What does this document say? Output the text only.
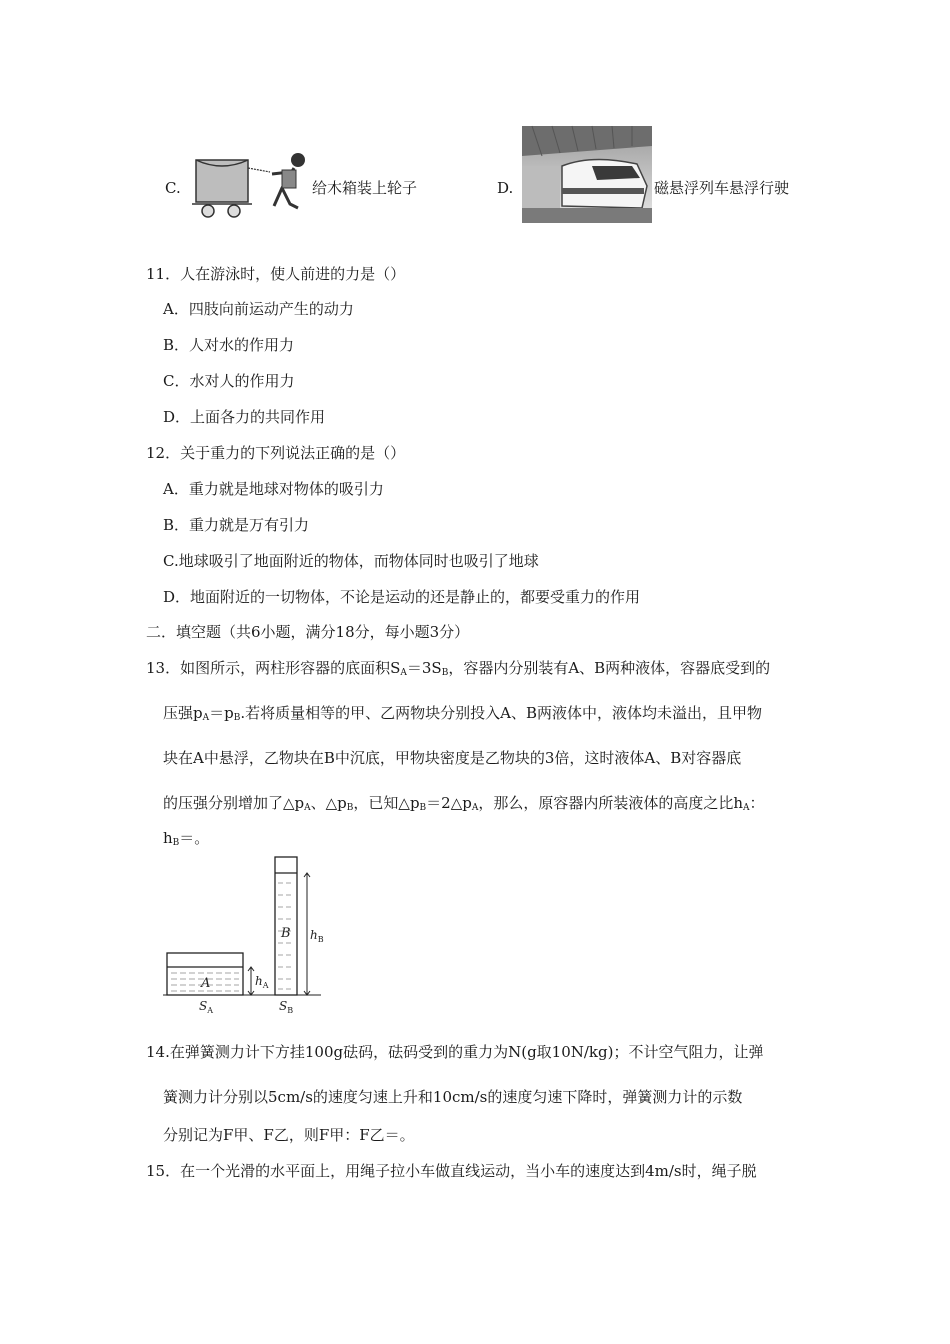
C.	给木箱装上轮子	D.	磁悬浮列车悬浮行驶
11．人在游泳时，使人前进的力是（）
A．四肢向前运动产生的动力
B．人对水的作用力
C．水对人的作用力
D．上面各力的共同作用
12．关于重力的下列说法正确的是（）
A．重力就是地球对物体的吸引力
B．重力就是万有引力
C.地球吸引了地面附近的物体，而物体同时也吸引了地球
D．地面附近的一切物体，不论是运动的还是静止的，都要受重力的作用
二．填空题（共6小题，满分18分，每小题3分）
13．如图所示，两柱形容器的底面积$S_A=3S_B$，容器内分别装有A、B两种液体，容器底受到的
压强$p_A=p_B$.若将质量相等的甲、乙两物块分别投入A、B两液体中，液体均未溢出，且甲物
块在A中悬浮，乙物块在B中沉底，甲物块密度是乙物块的3倍，这时液体A、B对容器底
的压强分别增加了$\triangle p_A$、$\triangle p_B$，已知$\triangle p_B=2\triangle p_A$，那么，原容器内所装液体的高度之比$h_A$：
$h_B=$。
A
B
$h_A$
$h_B$
$S_A$	$S_B$
14.在弹簧测力计下方挂100g砝码，砝码受到的重力为N(g取10N/kg)；不计空气阻力，让弹
簧测力计分别以5cm/s的速度匀速上升和10cm/s的速度匀速下降时，弹簧测力计的示数
分别记为F甲、F乙，则F甲：F乙＝。
15．在一个光滑的水平面上，用绳子拉小车做直线运动，当小车的速度达到4m/s时，绳子脱
